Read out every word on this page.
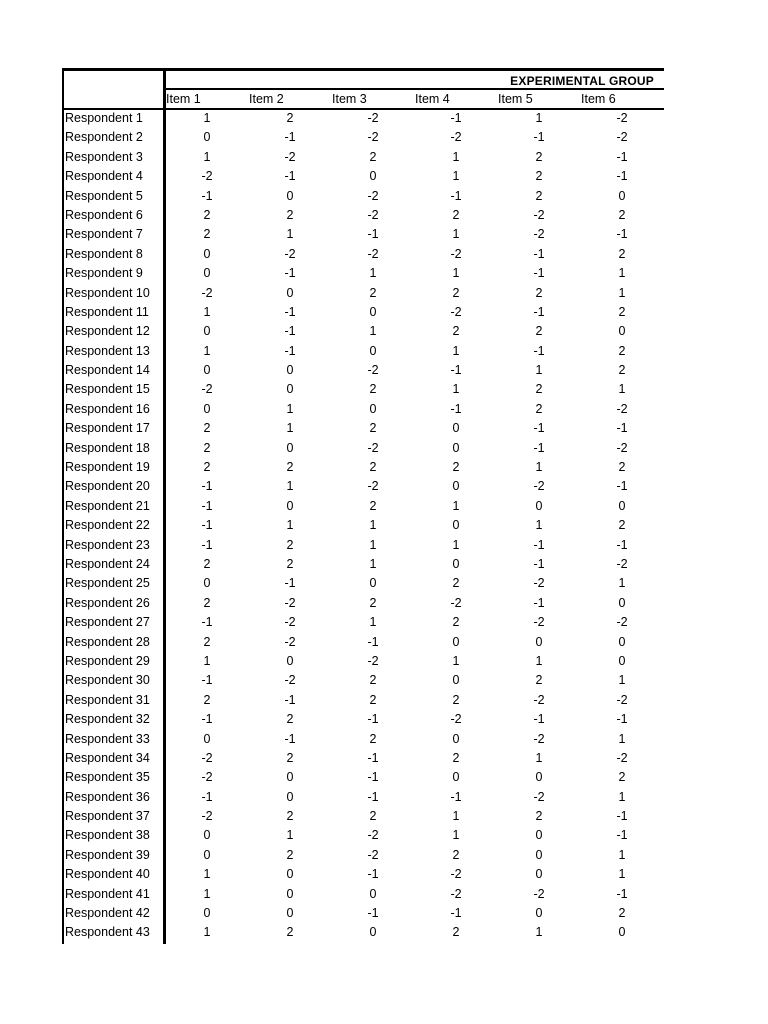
EXPERIMENTAL GROUP
Item 1	Item 2	Item 3	Item 4	Item 5	Item 6
Respondent 1	1	2	-2	-1	1	-2
Respondent 2	0	-1	-2	-2	-1	-2
Respondent 3	1	-2	2	1	2	-1
Respondent 4	-2	-1	0	1	2	-1
Respondent 5	-1	0	-2	-1	2	0
Respondent 6	2	2	-2	2	-2	2
Respondent 7	2	1	-1	1	-2	-1
Respondent 8	0	-2	-2	-2	-1	2
Respondent 9	0	-1	1	1	-1	1
Respondent 10	-2	0	2	2	2	1
Respondent 11	1	-1	0	-2	-1	2
Respondent 12	0	-1	1	2	2	0
Respondent 13	1	-1	0	1	-1	2
Respondent 14	0	0	-2	-1	1	2
Respondent 15	-2	0	2	1	2	1
Respondent 16	0	1	0	-1	2	-2
Respondent 17	2	1	2	0	-1	-1
Respondent 18	2	0	-2	0	-1	-2
Respondent 19	2	2	2	2	1	2
Respondent 20	-1	1	-2	0	-2	-1
Respondent 21	-1	0	2	1	0	0
Respondent 22	-1	1	1	0	1	2
Respondent 23	-1	2	1	1	-1	-1
Respondent 24	2	2	1	0	-1	-2
Respondent 25	0	-1	0	2	-2	1
Respondent 26	2	-2	2	-2	-1	0
Respondent 27	-1	-2	1	2	-2	-2
Respondent 28	2	-2	-1	0	0	0
Respondent 29	1	0	-2	1	1	0
Respondent 30	-1	-2	2	0	2	1
Respondent 31	2	-1	2	2	-2	-2
Respondent 32	-1	2	-1	-2	-1	-1
Respondent 33	0	-1	2	0	-2	1
Respondent 34	-2	2	-1	2	1	-2
Respondent 35	-2	0	-1	0	0	2
Respondent 36	-1	0	-1	-1	-2	1
Respondent 37	-2	2	2	1	2	-1
Respondent 38	0	1	-2	1	0	-1
Respondent 39	0	2	-2	2	0	1
Respondent 40	1	0	-1	-2	0	1
Respondent 41	1	0	0	-2	-2	-1
Respondent 42	0	0	-1	-1	0	2
Respondent 43	1	2	0	2	1	0
